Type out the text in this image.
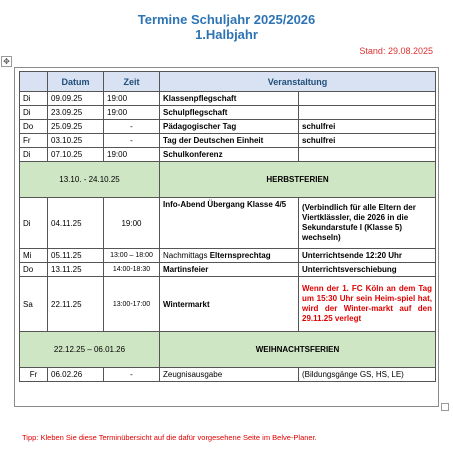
Termine Schuljahr 2025/2026
1.Halbjahr
Stand: 29.08.2025
✥
	Datum	Zeit	Veranstaltung	
Di	09.09.25	19:00	Klassenpflegschaft	
Di	23.09.25	19:00	Schulpflegschaft	
Do	25.09.25	-	Pädagogischer Tag	schulfrei
Fr	03.10.25	-	Tag der Deutschen Einheit	schulfrei
Di	07.10.25	19:00	Schulkonferenz	
13.10. - 24.10.25			HERBSTFERIEN	
Di	04.11.25	19:00	Info-Abend Übergang Klasse 4/5	(Verbindlich für alle Eltern der Viertklässler, die 2026 in die Sekundarstufe I (Klasse 5) wechseln)
Mi	05.11.25	13:00 – 18:00	Nachmittags Elternsprechtag	Unterrichtsende 12:20 Uhr
Do	13.11.25	14:00-18:30	Martinsfeier	Unterrichtsverschiebung
Sa	22.11.25	13:00-17:00	Wintermarkt	Wenn der 1. FC Köln an dem Tag um 15:30 Uhr sein Heim-spiel hat, wird der Winter-markt auf den 29.11.25 verlegt
22.12.25 – 06.01.26			WEIHNACHTSFERIEN	
Fr	06.02.26	-	Zeugnisausgabe	(Bildungsgänge GS, HS, LE)
Tipp: Kleben Sie diese Terminübersicht auf die dafür vorgesehene Seite im Belve-Planer.
